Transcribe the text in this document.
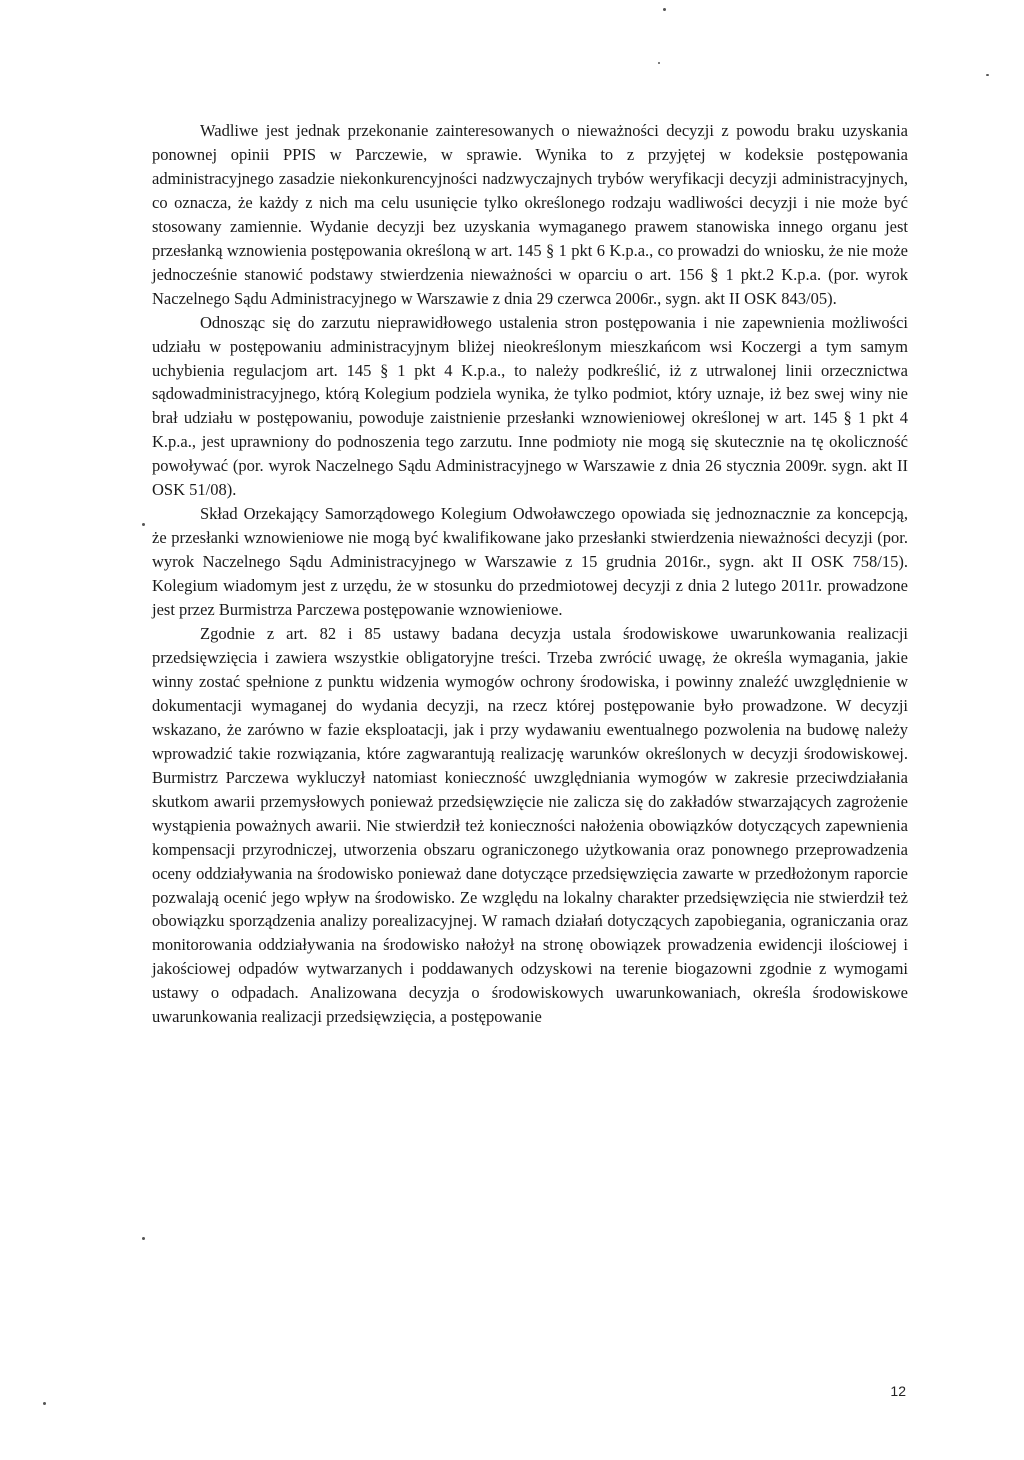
Wadliwe jest jednak przekonanie zainteresowanych o nieważności decyzji z powodu braku uzyskania ponownej opinii PPIS w Parczewie, w sprawie. Wynika to z przyjętej w kodeksie postępowania administracyjnego zasadzie niekonkurencyjności nadzwyczajnych trybów weryfikacji decyzji administracyjnych, co oznacza, że każdy z nich ma celu usunięcie tylko określonego rodzaju wadliwości decyzji i nie może być stosowany zamiennie. Wydanie decyzji bez uzyskania wymaganego prawem stanowiska innego organu jest przesłanką wznowienia postępowania określoną w art. 145 § 1 pkt 6 K.p.a., co prowadzi do wniosku, że nie może jednocześnie stanowić podstawy stwierdzenia nieważności w oparciu o art. 156 § 1 pkt.2 K.p.a. (por. wyrok Naczelnego Sądu Administracyjnego w Warszawie z dnia 29 czerwca 2006r., sygn. akt II OSK 843/05).

Odnosząc się do zarzutu nieprawidłowego ustalenia stron postępowania i nie zapewnienia możliwości udziału w postępowaniu administracyjnym bliżej nieokreślonym mieszkańcom wsi Koczergi a tym samym uchybienia regulacjom art. 145 § 1 pkt 4 K.p.a., to należy podkreślić, iż z utrwalonej linii orzecznictwa sądowadministracyjnego, którą Kolegium podziela wynika, że tylko podmiot, który uznaje, iż bez swej winy nie brał udziału w postępowaniu, powoduje zaistnienie przesłanki wznowieniowej określonej w art. 145 § 1 pkt 4 K.p.a., jest uprawniony do podnoszenia tego zarzutu. Inne podmioty nie mogą się skutecznie na tę okoliczność powoływać (por. wyrok Naczelnego Sądu Administracyjnego w Warszawie z dnia 26 stycznia 2009r. sygn. akt II OSK 51/08).

Skład Orzekający Samorządowego Kolegium Odwoławczego opowiada się jednoznacznie za koncepcją, że przesłanki wznowieniowe nie mogą być kwalifikowane jako przesłanki stwierdzenia nieważności decyzji (por. wyrok Naczelnego Sądu Administracyjnego w Warszawie z 15 grudnia 2016r., sygn. akt II OSK 758/15). Kolegium wiadomym jest z urzędu, że w stosunku do przedmiotowej decyzji z dnia 2 lutego 2011r. prowadzone jest przez Burmistrza Parczewa postępowanie wznowieniowe.

Zgodnie z art. 82 i 85 ustawy badana decyzja ustala środowiskowe uwarunkowania realizacji przedsięwzięcia i zawiera wszystkie obligatoryjne treści. Trzeba zwrócić uwagę, że określa wymagania, jakie winny zostać spełnione z punktu widzenia wymogów ochrony środowiska, i powinny znaleźć uwzględnienie w dokumentacji wymaganej do wydania decyzji, na rzecz której postępowanie było prowadzone. W decyzji wskazano, że zarówno w fazie eksploatacji, jak i przy wydawaniu ewentualnego pozwolenia na budowę należy wprowadzić takie rozwiązania, które zagwarantują realizację warunków określonych w decyzji środowiskowej. Burmistrz Parczewa wykluczył natomiast konieczność uwzględniania wymogów w zakresie przeciwdziałania skutkom awarii przemysłowych ponieważ przedsięwzięcie nie zalicza się do zakładów stwarzających zagrożenie wystąpienia poważnych awarii. Nie stwierdził też konieczności nałożenia obowiązków dotyczących zapewnienia kompensacji przyrodniczej, utworzenia obszaru ograniczonego użytkowania oraz ponownego przeprowadzenia oceny oddziaływania na środowisko ponieważ dane dotyczące przedsięwzięcia zawarte w przedłożonym raporcie pozwalają ocenić jego wpływ na środowisko. Ze względu na lokalny charakter przedsięwzięcia nie stwierdził też obowiązku sporządzenia analizy porealizacyjnej. W ramach działań dotyczących zapobiegania, ograniczania oraz monitorowania oddziaływania na środowisko nałożył na stronę obowiązek prowadzenia ewidencji ilościowej i jakościowej odpadów wytwarzanych i poddawanych odzyskowi na terenie biogazowni zgodnie z wymogami ustawy o odpadach. Analizowana decyzja o środowiskowych uwarunkowaniach, określa środowiskowe uwarunkowania realizacji przedsięwzięcia, a postępowanie

12
